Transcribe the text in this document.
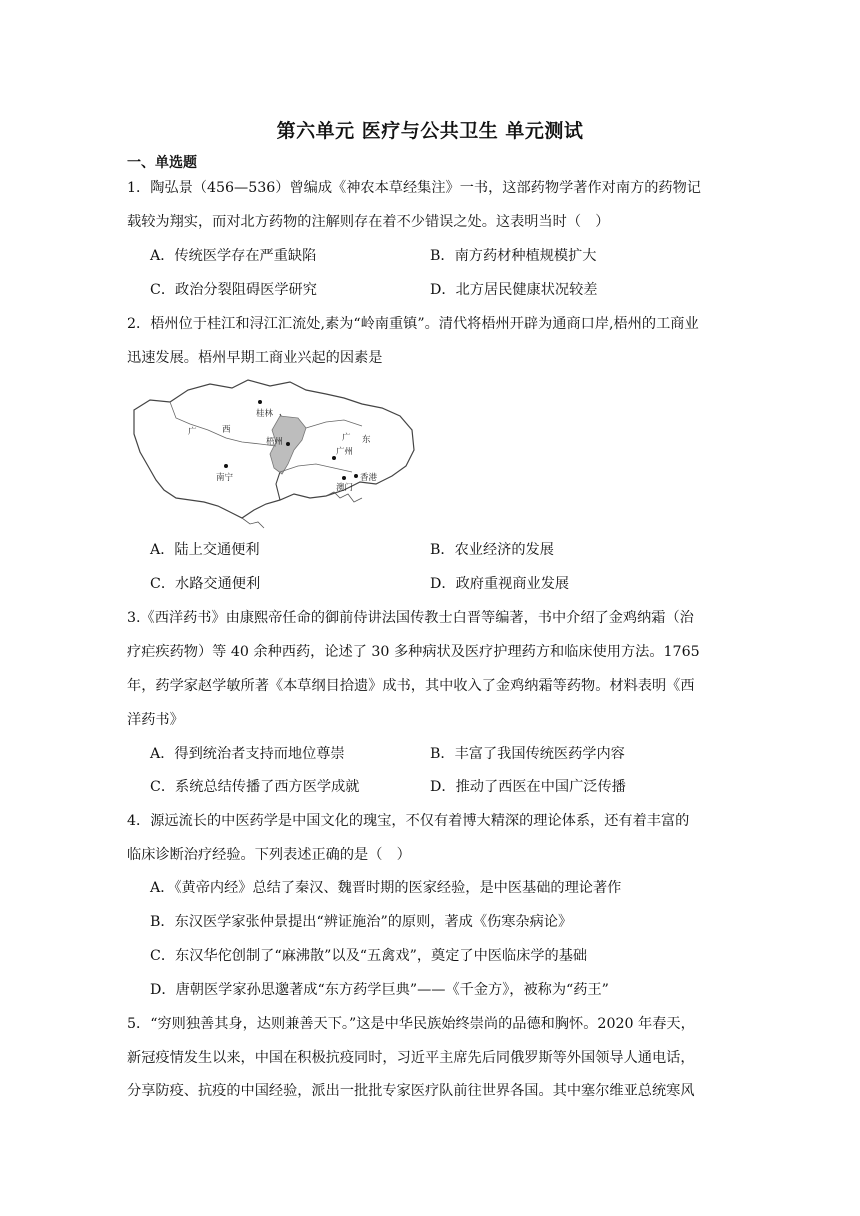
第六单元 医疗与公共卫生 单元测试
一、单选题
1．陶弘景（456—536）曾编成《神农本草经集注》一书，这部药物学著作对南方的药物记
载较为翔实，而对北方药物的注解则存在着不少错误之处。这表明当时（　）
A．传统医学存在严重缺陷	B．南方药材种植规模扩大
C．政治分裂阻碍医学研究	D．北方居民健康状况较差
2．梧州位于桂江和浔江汇流处,素为“岭南重镇”。清代将梧州开辟为通商口岸,梧州的工商业
迅速发展。梧州早期工商业兴起的因素是
桂林
广	西
梧州	广 东
广州
南宁	香港
澳门
A．陆上交通便利	B．农业经济的发展
C．水路交通便利	D．政府重视商业发展
3.《西洋药书》由康熙帝任命的御前侍讲法国传教士白晋等编著，书中介绍了金鸡纳霜（治
疗疟疾药物）等 40 余种西药，论述了 30 多种病状及医疗护理药方和临床使用方法。1765
年，药学家赵学敏所著《本草纲目拾遗》成书，其中收入了金鸡纳霜等药物。材料表明《西
洋药书》
A．得到统治者支持而地位尊崇	B．丰富了我国传统医药学内容
C．系统总结传播了西方医学成就	D．推动了西医在中国广泛传播
4．源远流长的中医药学是中国文化的瑰宝，不仅有着博大精深的理论体系，还有着丰富的
临床诊断治疗经验。下列表述正确的是（　）
A．《黄帝内经》总结了秦汉、魏晋时期的医家经验，是中医基础的理论著作
B．东汉医学家张仲景提出“辨证施治”的原则，著成《伤寒杂病论》
C．东汉华佗创制了“麻沸散”以及“五禽戏”，奠定了中医临床学的基础
D．唐朝医学家孙思邈著成“东方药学巨典”——《千金方》，被称为“药王”
5．“穷则独善其身，达则兼善天下。”这是中华民族始终崇尚的品德和胸怀。2020 年春天，
新冠疫情发生以来，中国在积极抗疫同时，习近平主席先后同俄罗斯等外国领导人通电话，
分享防疫、抗疫的中国经验，派出一批批专家医疗队前往世界各国。其中塞尔维亚总统寒风
